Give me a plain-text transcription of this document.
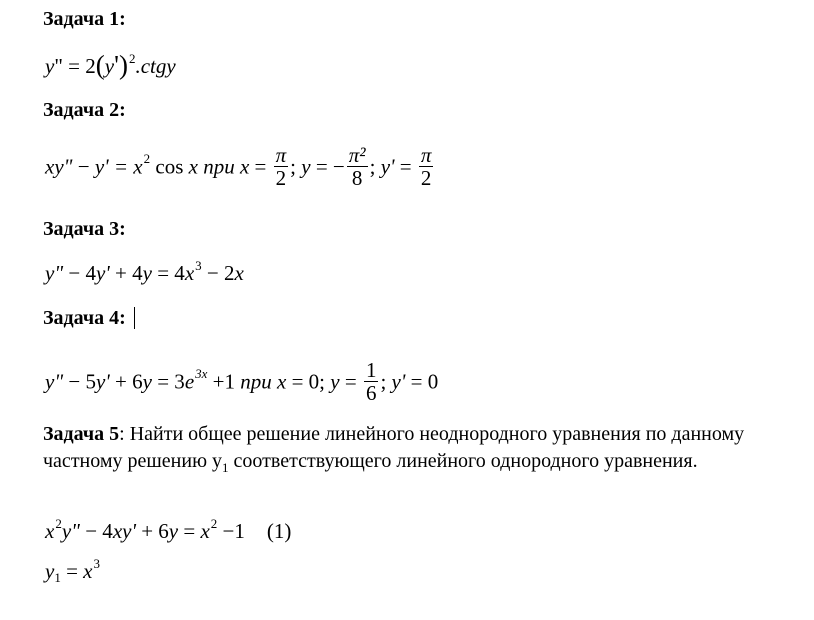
Задача 1:
y" = $2(y')^2.ctgy$
Задача 2:
xy" − $y' = x^2$ cos x при $x = \frac{\pi}{2}$ ; y = − $\frac{\text{π²}}{8}$ ; $y' = \frac{\pi}{2}$
Задача 3:
y" − $4y' + 4y = 4x^3 - 2x$
Задача 4:
y" − $5y' + 6y = 3e^{3x} +1$ при x = 0; $y = \frac{1}{6}$ ; y' = 0
Задача 5: Найти общее решение линейного неоднородного уравнения по данному частному решению $y_1$ соответствующего линейного однородного уравнения.
$x^2y$" − $4xy' + 6y = x^2 -1$ (1)
$y_1 = x^3$
